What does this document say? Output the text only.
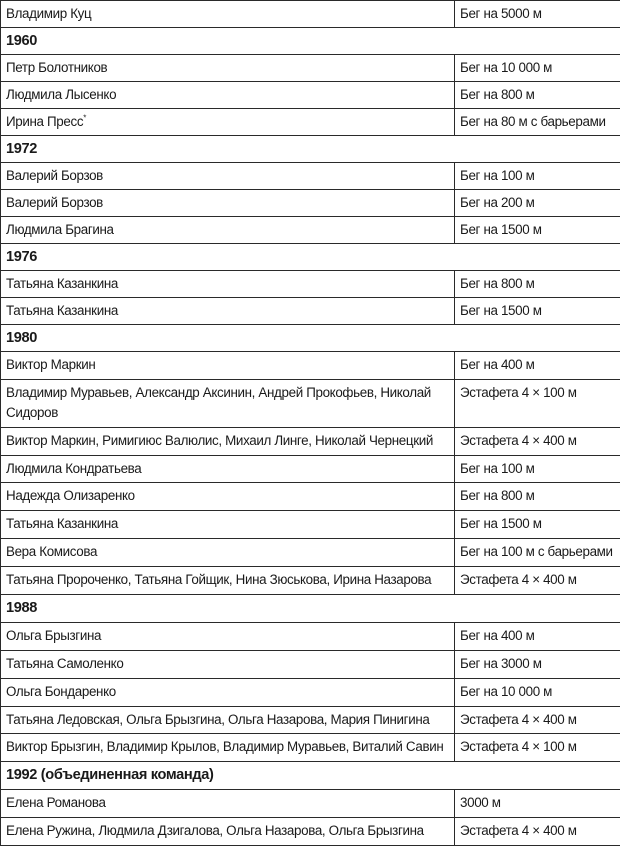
Владимир Куц	Бег на 5000 м
1960	
Петр Болотников	Бег на 10 000 м
Людмила Лысенко	Бег на 800 м
Ирина Пресс*	Бег на 80 м с барьерами
1972	
Валерий Борзов	Бег на 100 м
Валерий Борзов	Бег на 200 м
Людмила Брагина	Бег на 1500 м
1976	
Татьяна Казанкина	Бег на 800 м
Татьяна Казанкина	Бег на 1500 м
1980	
Виктор Маркин	Бег на 400 м
Владимир Муравьев, Александр Аксинин, Андрей Прокофьев, Николай Сидоров	Эстафета 4 × 100 м
Виктор Маркин, Римигиюс Валюлис, Михаил Линге, Николай Чернецкий	Эстафета 4 × 400 м
Людмила Кондратьева	Бег на 100 м
Надежда Олизаренко	Бег на 800 м
Татьяна Казанкина	Бег на 1500 м
Вера Комисова	Бег на 100 м с барьерами
Татьяна Пророченко, Татьяна Гойщик, Нина Зюськова, Ирина Назарова	Эстафета 4 × 400 м
1988	
Ольга Брызгина	Бег на 400 м
Татьяна Самоленко	Бег на 3000 м
Ольга Бондаренко	Бег на 10 000 м
Татьяна Ледовская, Ольга Брызгина, Ольга Назарова, Мария Пинигина	Эстафета 4 × 400 м
Виктор Брызгин, Владимир Крылов, Владимир Муравьев, Виталий Савин	Эстафета 4 × 100 м
1992 (объединенная команда)	
Елена Романова	3000 м
Елена Ружина, Людмила Дзигалова, Ольга Назарова, Ольга Брызгина	Эстафета 4 × 400 м
